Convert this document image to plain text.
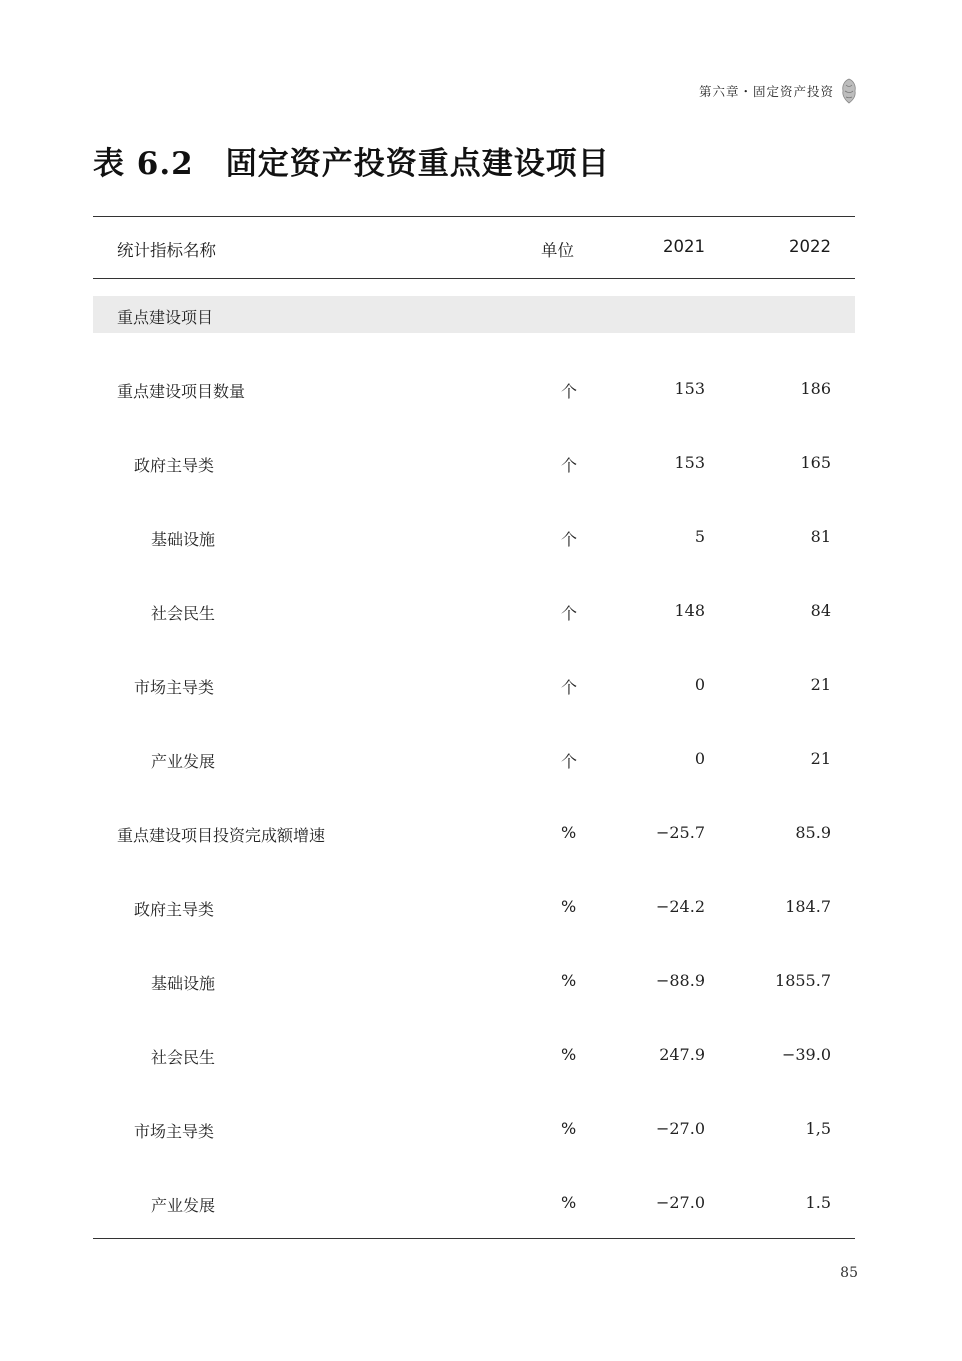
第六章・固定资产投资
表 6.2 固定资产投资重点建设项目
统计指标名称	单位	2021	2022
重点建设项目
重点建设项目数量	个	153	186
政府主导类	个	153	165
基础设施	个	5	81
社会民生	个	148	84
市场主导类	个	0	21
产业发展	个	0	21
重点建设项目投资完成额增速	%	−25.7	85.9
政府主导类	%	−24.2	184.7
基础设施	%	−88.9	1855.7
社会民生	%	247.9	−39.0
市场主导类	%	−27.0	1,5
产业发展	%	−27.0	1.5
85
